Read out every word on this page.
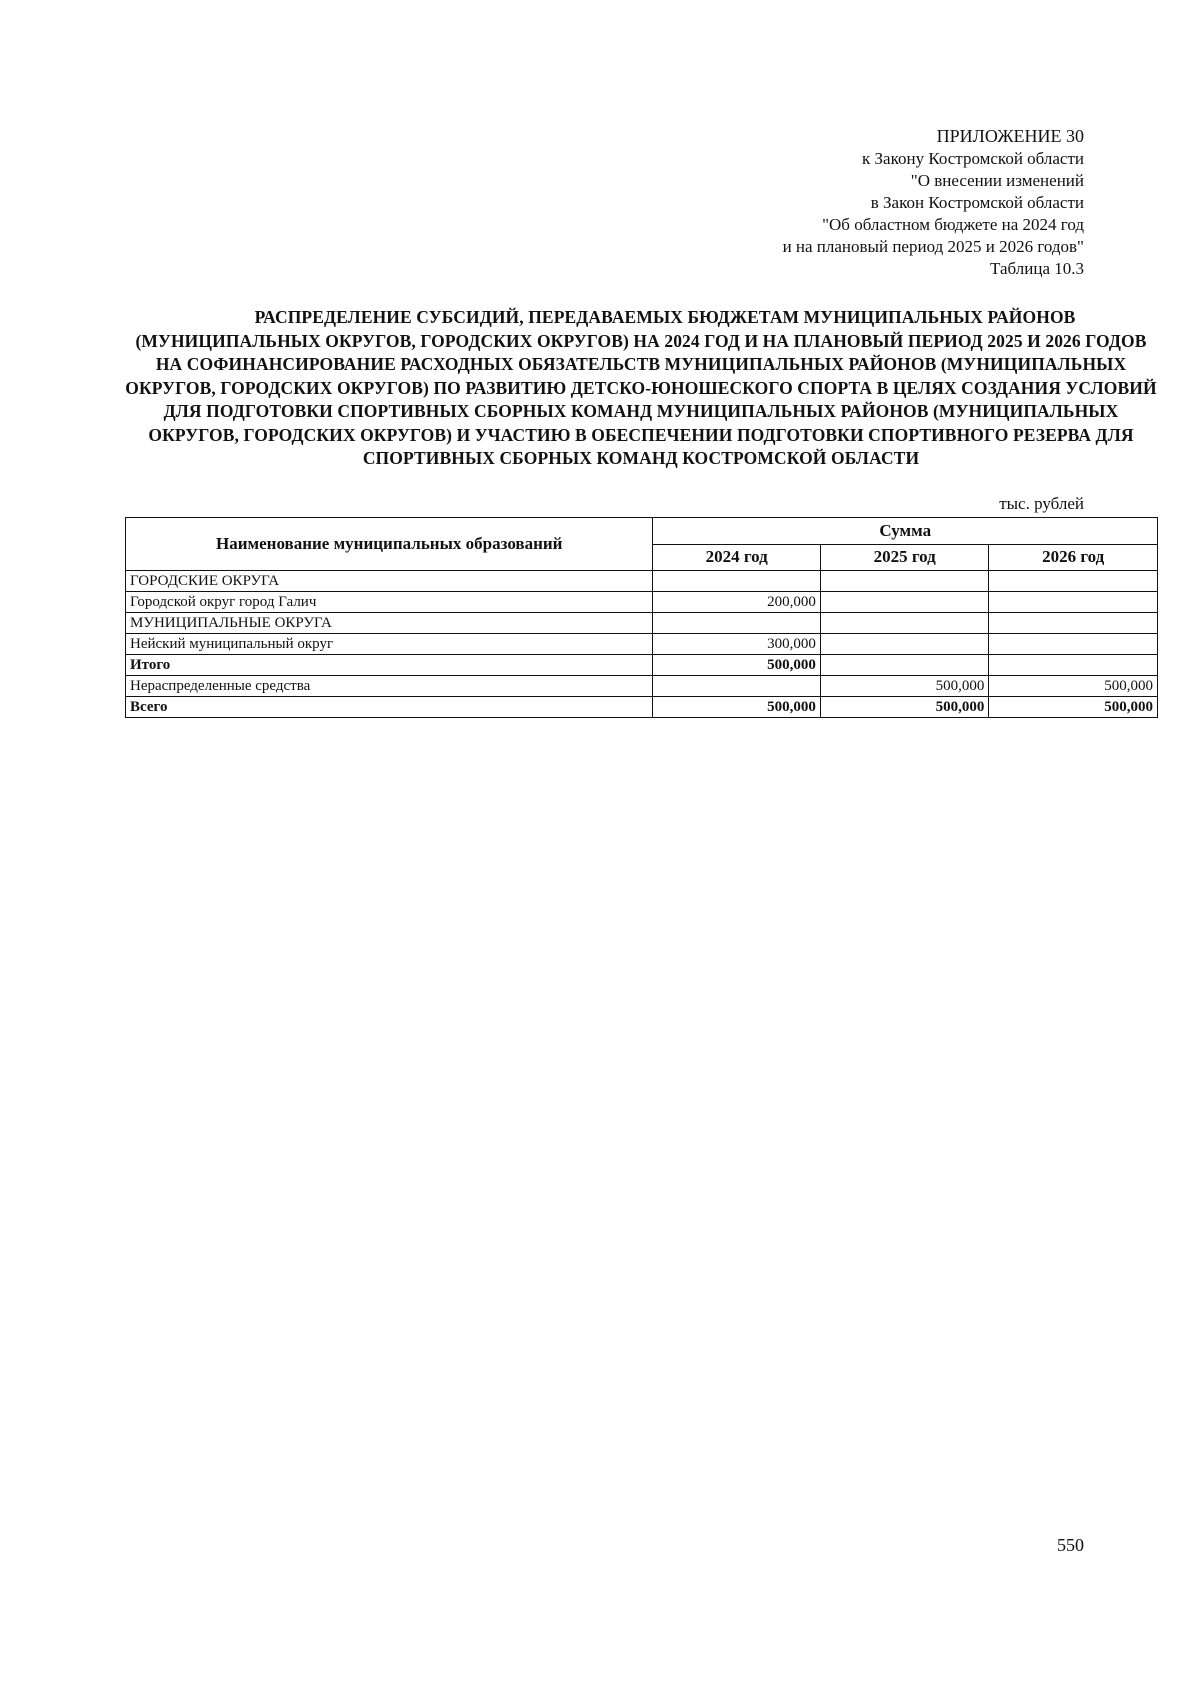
ПРИЛОЖЕНИЕ 30
к Закону Костромской области
"О внесении изменений
в Закон Костромской области
"Об областном бюджете на 2024 год
и на плановый период 2025 и 2026 годов"
Таблица 10.3
РАСПРЕДЕЛЕНИЕ СУБСИДИЙ, ПЕРЕДАВАЕМЫХ БЮДЖЕТАМ МУНИЦИПАЛЬНЫХ РАЙОНОВ (МУНИЦИПАЛЬНЫХ ОКРУГОВ, ГОРОДСКИХ ОКРУГОВ) НА 2024 ГОД И НА ПЛАНОВЫЙ ПЕРИОД 2025 И 2026 ГОДОВ НА СОФИНАНСИРОВАНИЕ РАСХОДНЫХ ОБЯЗАТЕЛЬСТВ МУНИЦИПАЛЬНЫХ РАЙОНОВ (МУНИЦИПАЛЬНЫХ ОКРУГОВ, ГОРОДСКИХ ОКРУГОВ) ПО РАЗВИТИЮ ДЕТСКО-ЮНОШЕСКОГО СПОРТА В ЦЕЛЯХ СОЗДАНИЯ УСЛОВИЙ ДЛЯ ПОДГОТОВКИ СПОРТИВНЫХ СБОРНЫХ КОМАНД МУНИЦИПАЛЬНЫХ РАЙОНОВ (МУНИЦИПАЛЬНЫХ ОКРУГОВ, ГОРОДСКИХ ОКРУГОВ) И УЧАСТИЮ В ОБЕСПЕЧЕНИИ ПОДГОТОВКИ СПОРТИВНОГО РЕЗЕРВА ДЛЯ СПОРТИВНЫХ СБОРНЫХ КОМАНД КОСТРОМСКОЙ ОБЛАСТИ
тыс. рублей
Наименование муниципальных образований	Сумма		
	2024 год	2025 год	2026 год
ГОРОДСКИЕ ОКРУГА			
Городской округ город Галич	200,000		
МУНИЦИПАЛЬНЫЕ ОКРУГА			
Нейский муниципальный округ	300,000		
Итого	500,000		
Нераспределенные средства		500,000	500,000
Всего	500,000	500,000	500,000
550
